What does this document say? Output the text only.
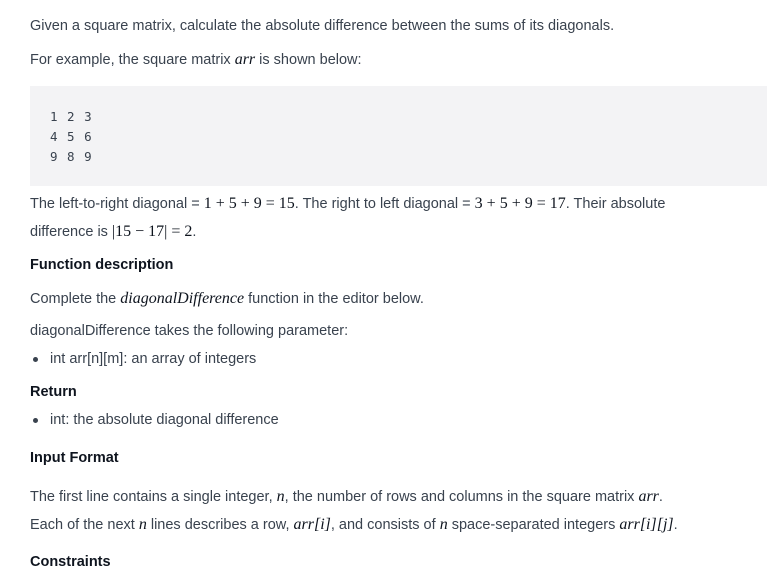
Given a square matrix, calculate the absolute difference between the sums of its diagonals.
For example, the square matrix arr is shown below:
1 2 3
4 5 6
9 8 9
The left-to-right diagonal = 1 + 5 + 9 = 15. The right to left diagonal = 3 + 5 + 9 = 17. Their absolute
difference is |15 − 17| = 2.
Function description
Complete the diagonalDifference function in the editor below.
diagonalDifference takes the following parameter:
int arr[n][m]: an array of integers
Return
int: the absolute diagonal difference
Input Format
The first line contains a single integer, n, the number of rows and columns in the square matrix arr.
Each of the next n lines describes a row, arr[i], and consists of n space-separated integers arr[i][j].
Constraints
